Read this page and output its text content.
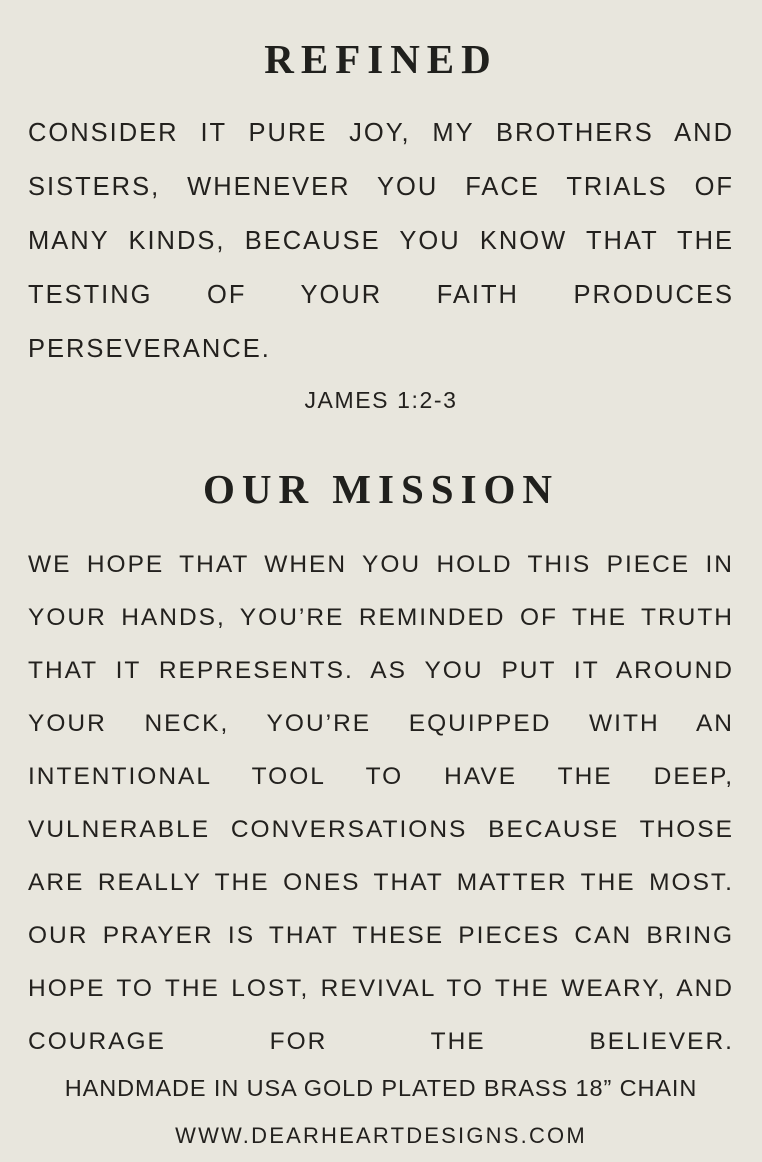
REFINED

CONSIDER IT PURE JOY, MY BROTHERS AND SISTERS, WHENEVER YOU FACE TRIALS OF MANY KINDS, BECAUSE YOU KNOW THAT THE TESTING OF YOUR FAITH PRODUCES PERSEVERANCE.

JAMES 1:2-3

OUR MISSION

WE HOPE THAT WHEN YOU HOLD THIS PIECE IN YOUR HANDS, YOU’RE REMINDED OF THE TRUTH THAT IT REPRESENTS. AS YOU PUT IT AROUND YOUR NECK, YOU’RE EQUIPPED WITH AN INTENTIONAL TOOL TO HAVE THE DEEP, VULNERABLE CONVERSATIONS BECAUSE THOSE ARE REALLY THE ONES THAT MATTER THE MOST. OUR PRAYER IS THAT THESE PIECES CAN BRING HOPE TO THE LOST, REVIVAL TO THE WEARY, AND COURAGE FOR THE BELIEVER.

HANDMADE IN USA GOLD PLATED BRASS 18” CHAIN
WWW.DEARHEARTDESIGNS.COM
